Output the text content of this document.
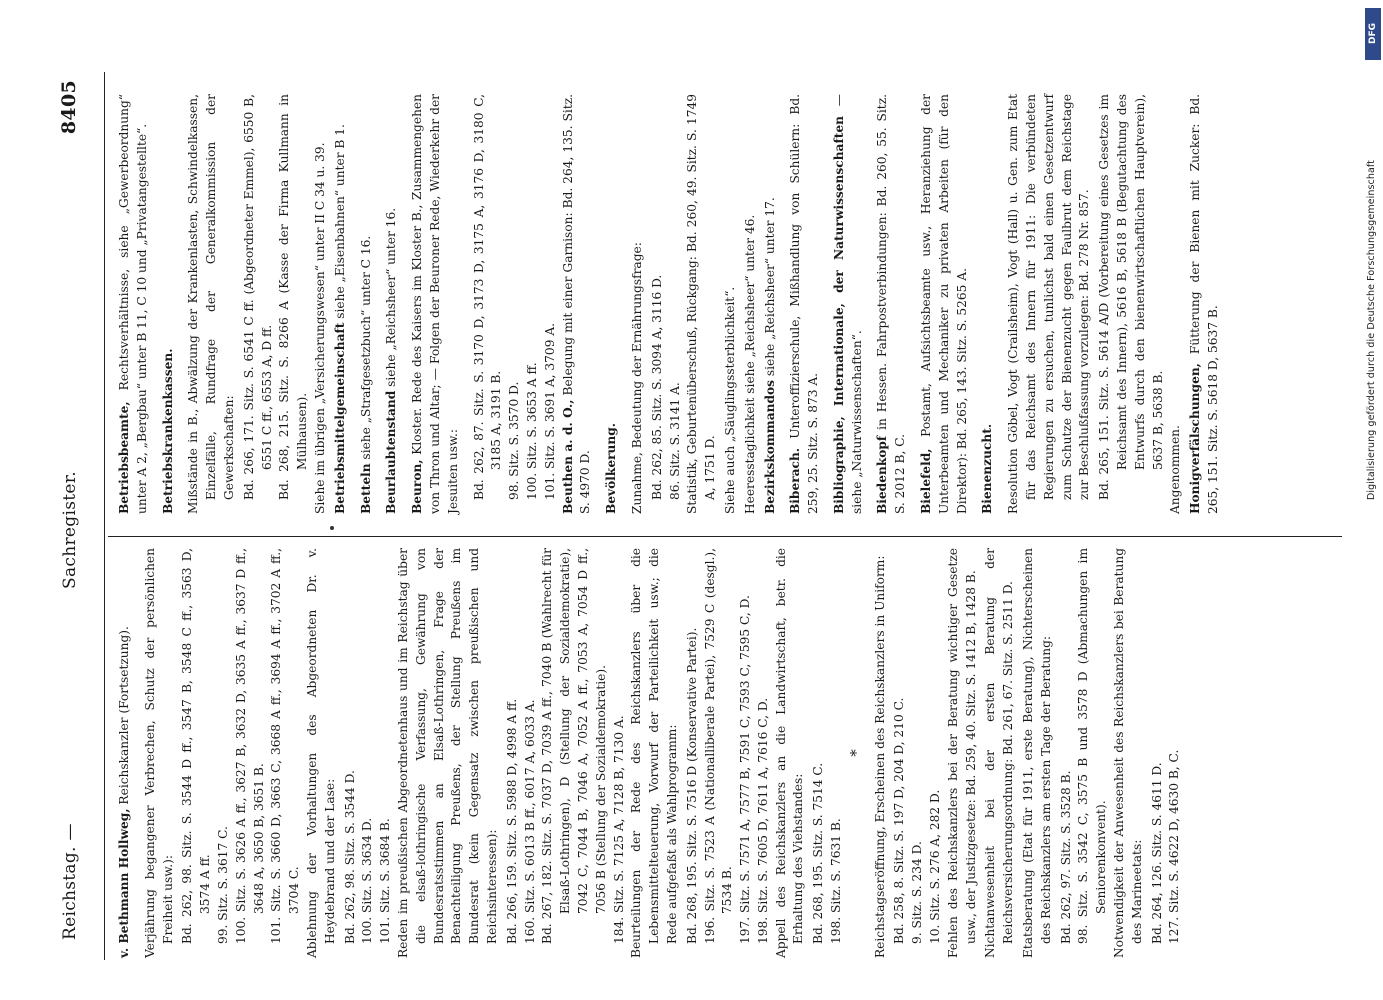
Reichstag. —
Sachregister.
8405

v. Bethmann Hollweg, Reichskanzler (Fortsetzung). Verjährung begangener Verbrechen, Schutz der persönlichen Freiheit usw.): Bd. 262, 98. Sitz. S. 3544 D ff., 3547 B, 3548 C ff., 3563 D, 3574 A ff. 99. Sitz. S. 3617 C. 100. Sitz. S. 3626 A ff., 3627 B, 3632 D, 3635 A ff., 3637 D ff., 3648 A, 3650 B, 3651 B. 101. Sitz. S. 3660 D, 3663 C, 3668 A ff., 3694 A ff., 3702 A ff., 3704 C. Ablehnung der Vorhaltungen des Abgeordneten Dr. v. Heydebrand und der Lase: Bd. 262, 98. Sitz. S. 3544 D. 100. Sitz. S. 3634 D. 101. Sitz. S. 3684 B. Reden im preußischen Abgeordnetenhaus und im Reichstag über die elsaß-lothringische Verfassung, Gewährung von Bundesratsstimmen an Elsaß-Lothringen, Frage der Benachteiligung Preußens, der Stellung Preußens im Bundesrat (kein Gegensatz zwischen preußischen und Reichsinteressen): Bd. 266, 159. Sitz. S. 5988 D, 4998 A ff. 160. Sitz. S. 6013 B ff., 6017 A, 6033 A. Bd. 267, 182. Sitz. S. 7037 D, 7039 A ff., 7040 B (Wahlrecht für Elsaß-Lothringen), D (Stellung der Sozialdemokratie), 7042 C, 7044 B, 7046 A, 7052 A ff., 7053 A, 7054 D ff., 7056 B (Stellung der Sozialdemokratie). 184. Sitz. S. 7125 A, 7128 B, 7130 A. Beurteilungen der Rede des Reichskanzlers über die Lebensmittelteuerung, Vorwurf der Parteilichkeit usw.; die Rede aufgefaßt als Wahlprogramm: Bd. 268, 195. Sitz. S. 7516 D (Konservative Partei). 196. Sitz. S. 7523 A (Nationalliberale Partei), 7529 C (desgl.), 7534 B. 197. Sitz. S. 7571 A, 7577 B, 7591 C, 7593 C, 7595 C, D. 198. Sitz. S. 7605 D, 7611 A, 7616 C, D. Appell des Reichskanzlers an die Landwirtschaft, betr. die Erhaltung des Viehstandes: Bd. 268, 195. Sitz. S. 7514 C. 198. Sitz. S. 7631 B.

* Reichstagseröffnung, Erscheinen des Reichskanzlers in Uniform: Bd. 258, 8. Sitz. S. 197 D, 204 D, 210 C. 9. Sitz. S. 234 D. 10. Sitz. S. 276 A, 282 D. Fehlen des Reichskanzlers bei der Beratung wichtiger Gesetze usw., der Justizgesetze: Bd. 259, 40. Sitz. S. 1412 B, 1428 B. Nichtanwesenheit bei der ersten Beratung der Reichsversicherungsordnung: Bd. 261, 67. Sitz. S. 2511 D. Etatsberatung (Etat für 1911, erste Beratung), Nichterscheinen des Reichskanzlers am ersten Tage der Beratung: Bd. 262, 97. Sitz. S. 3528 B. 98. Sitz. S. 3542 C, 3575 B und 3578 D (Abmachungen im Seniorenkonvent). Notwendigkeit der Anwesenheit des Reichskanzlers bei Beratung des Marineetats: Bd. 264, 126. Sitz. S. 4611 D. 127. Sitz. S. 4622 D, 4630 B, C.

Betriebsbeamte, Rechtsverhältnisse, siehe „Gewerbeordnung“ unter A 2, „Bergbau“ unter B 11, C 10 und „Privatangestellte“. Betriebskrankenkassen. Mißstände in B., Abwälzung der Krankenlasten, Schwindelkassen, Einzelfälle, Rundfrage der Generalkommission der Gewerkschaften: Bd. 266, 171. Sitz. S. 6541 C ff. (Abgeordneter Emmel), 6550 B, 6551 C ff., 6553 A, D ff. Bd. 268, 215. Sitz. S. 8266 A (Kasse der Firma Kullmann in Mülhausen). Siehe im übrigen „Versicherungswesen“ unter II C 34 u. 39. Betriebsmittelgemeinschaft siehe „Eisenbahnen“ unter B 1.

Betteln siehe „Strafgesetzbuch“ unter C 16. Beurlaubtenstand siehe „Reichsheer“ unter 16.

Beuron, Kloster. Rede des Kaisers im Kloster B., Zusammengehen von Thron und Altar; — Folgen der Beuroner Rede, Wiederkehr der Jesuiten usw.: Bd. 262, 87. Sitz. S. 3170 D, 3173 D, 3175 A, 3176 D, 3180 C, 3185 A, 3191 B. 98. Sitz. S. 3570 D. 100. Sitz. S. 3653 A ff. 101. Sitz. S. 3691 A, 3709 A. Beuthen a. d. O., Belegung mit einer Garnison: Bd. 264, 135. Sitz. S. 4970 D. Bevölkerung. Zunahme, Bedeutung der Ernährungsfrage: Bd. 262, 85. Sitz. S. 3094 A, 3116 D. 86. Sitz. S. 3141 A. Statistik, Geburtenüberschuß, Rückgang: Bd. 260, 49. Sitz. S. 1749 A, 1751 D. Siehe auch „Säuglingssterblichkeit“. Heeresstaglichkeit siehe „Reichsheer“ unter 46. Bezirkskommandos siehe „Reichsheer“ unter 17.

Biberach. Unteroffizierschule, Mißhandlung von Schülern: Bd. 259, 25. Sitz. S. 873 A. Bibliographie, Internationale, der Naturwissenschaften — siehe „Naturwissenschaften“. Biedenkopf in Hessen. Fahrpostverbindungen: Bd. 260, 55. Sitz. S. 2012 B, C. Bielefeld, Postamt, Aufsichtsbeamte usw., Heranziehung der Unterbeamten und Mechaniker zu privaten Arbeiten (für den Direktor): Bd. 265, 143. Sitz. S. 5265 A. Bienenzucht. Resolution Göbel, Vogt (Crailsheim), Vogt (Hall) u. Gen. zum Etat für das Reichsamt des Innern für 1911: Die verbündeten Regierungen zu ersuchen, tunlichst bald einen Gesetzentwurf zum Schutze der Bienenzucht gegen Faulbrut dem Reichstage zur Beschlußfassung vorzulegen: Bd. 278 Nr. 857. Bd. 265, 151. Sitz. S. 5614 A/D (Vorbereitung eines Gesetzes im Reichsamt des Innern), 5616 B, 5618 B (Begutachtung des Entwurfs durch den bienenwirtschaftlichen Hauptverein), 5637 B, 5638 B. Angenommen. Honigverfälschungen, Fütterung der Bienen mit Zucker: Bd. 265, 151. Sitz. S. 5618 D, 5637 B.

DFG
Digitalisierung gefördert durch die Deutsche Forschungsgemeinschaft
